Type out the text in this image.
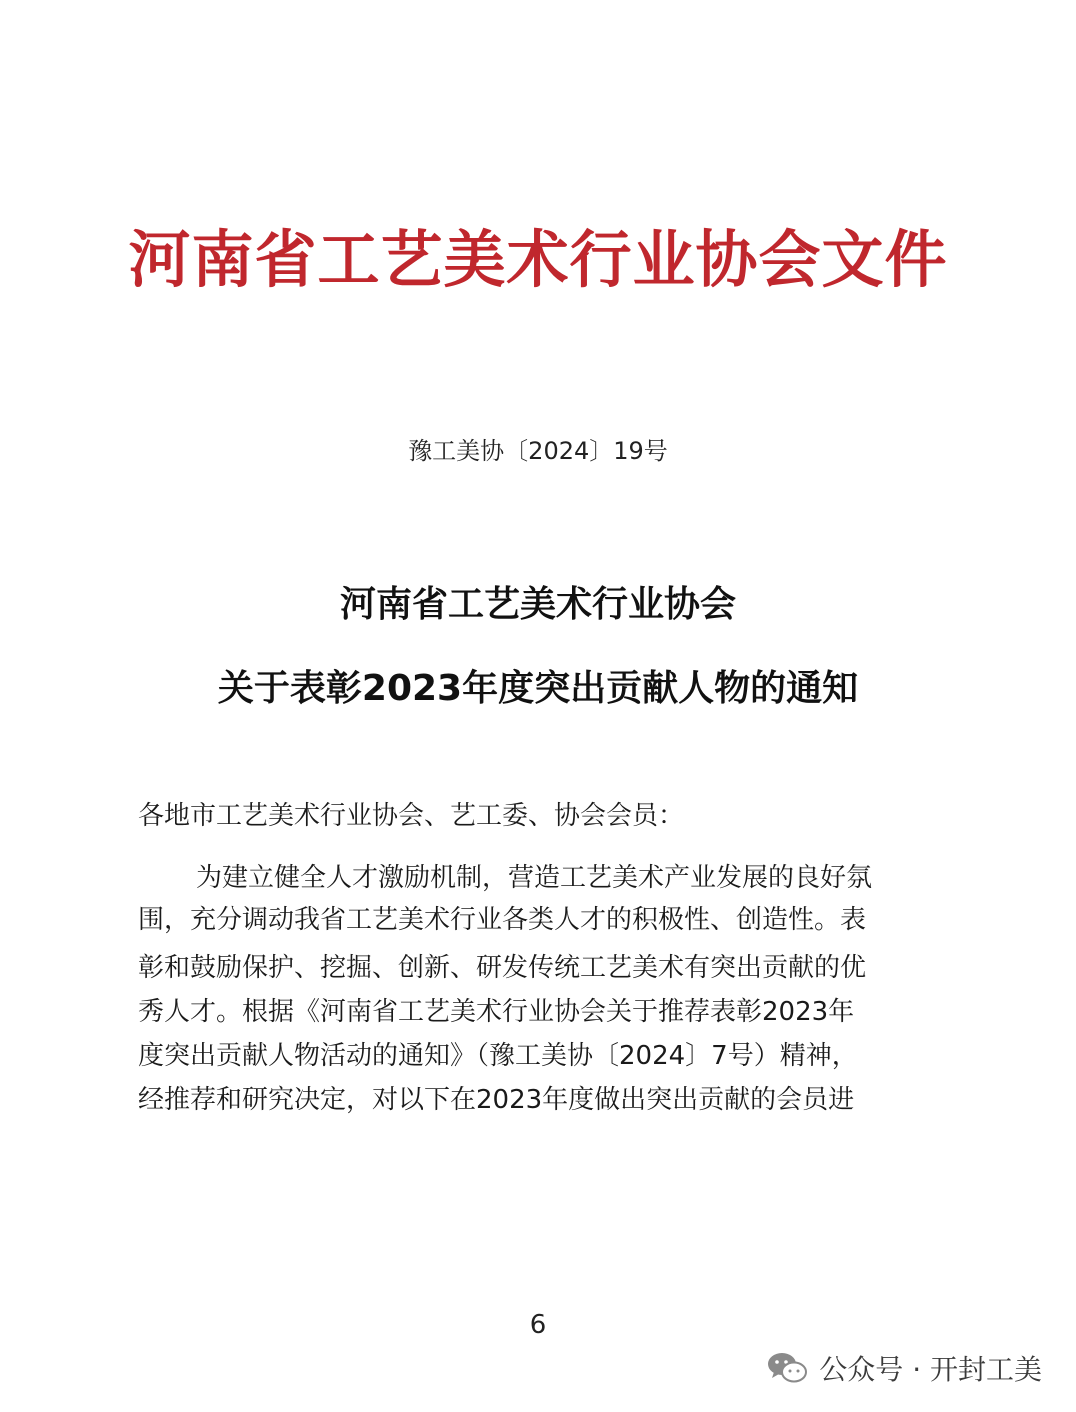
河南省工艺美术行业协会文件
豫工美协〔2024〕19号
河南省工艺美术行业协会
关于表彰2023年度突出贡献人物的通知
各地市工艺美术行业协会、艺工委、协会会员：
为建立健全人才激励机制，营造工艺美术产业发展的良好氛
围，充分调动我省工艺美术行业各类人才的积极性、创造性。表
彰和鼓励保护、挖掘、创新、研发传统工艺美术有突出贡献的优
秀人才。根据《河南省工艺美术行业协会关于推荐表彰2023年
度突出贡献人物活动的通知》（豫工美协〔2024〕7号）精神，
经推荐和研究决定，对以下在2023年度做出突出贡献的会员进
6
公众号 · 开封工美
